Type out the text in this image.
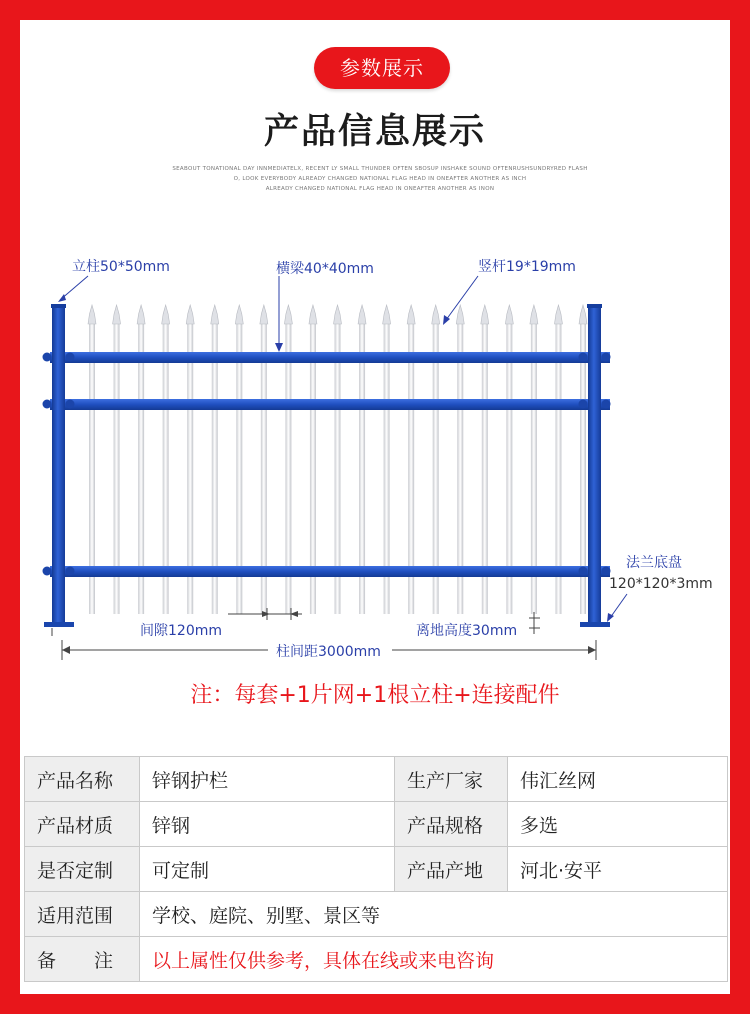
参数展示
产品信息展示
SEABOUT TONATIONAL DAY INNMEDIATELX, RECENT LY SMALL THUNDER OFTEN SBOSUP INSHAKE SOUND OFTENRUSHSUNDRYRED FLASH
O, LOOK EVERYBODY ALREADY CHANGED NATIONAL FLAG HEAD IN ONEAFTER ANOTHER AS INCH
ALREADY CHANGED NATIONAL FLAG HEAD IN ONEAFTER ANOTHER AS INON
立柱50*50mm	横梁40*40mm	竖杆19*19mm
法兰底盘
120*120*3mm
间隙120mm
柱间距3000mm
离地高度30mm
注：每套+1片网+1根立柱+连接配件
产品名称	锌钢护栏	生产厂家	伟汇丝网
产品材质	锌钢	产品规格	多选
是否定制	可定制	产品产地	河北·安平
适用范围	学校、庭院、别墅、景区等		
备　　注	以上属性仅供参考，具体在线或来电咨询		
